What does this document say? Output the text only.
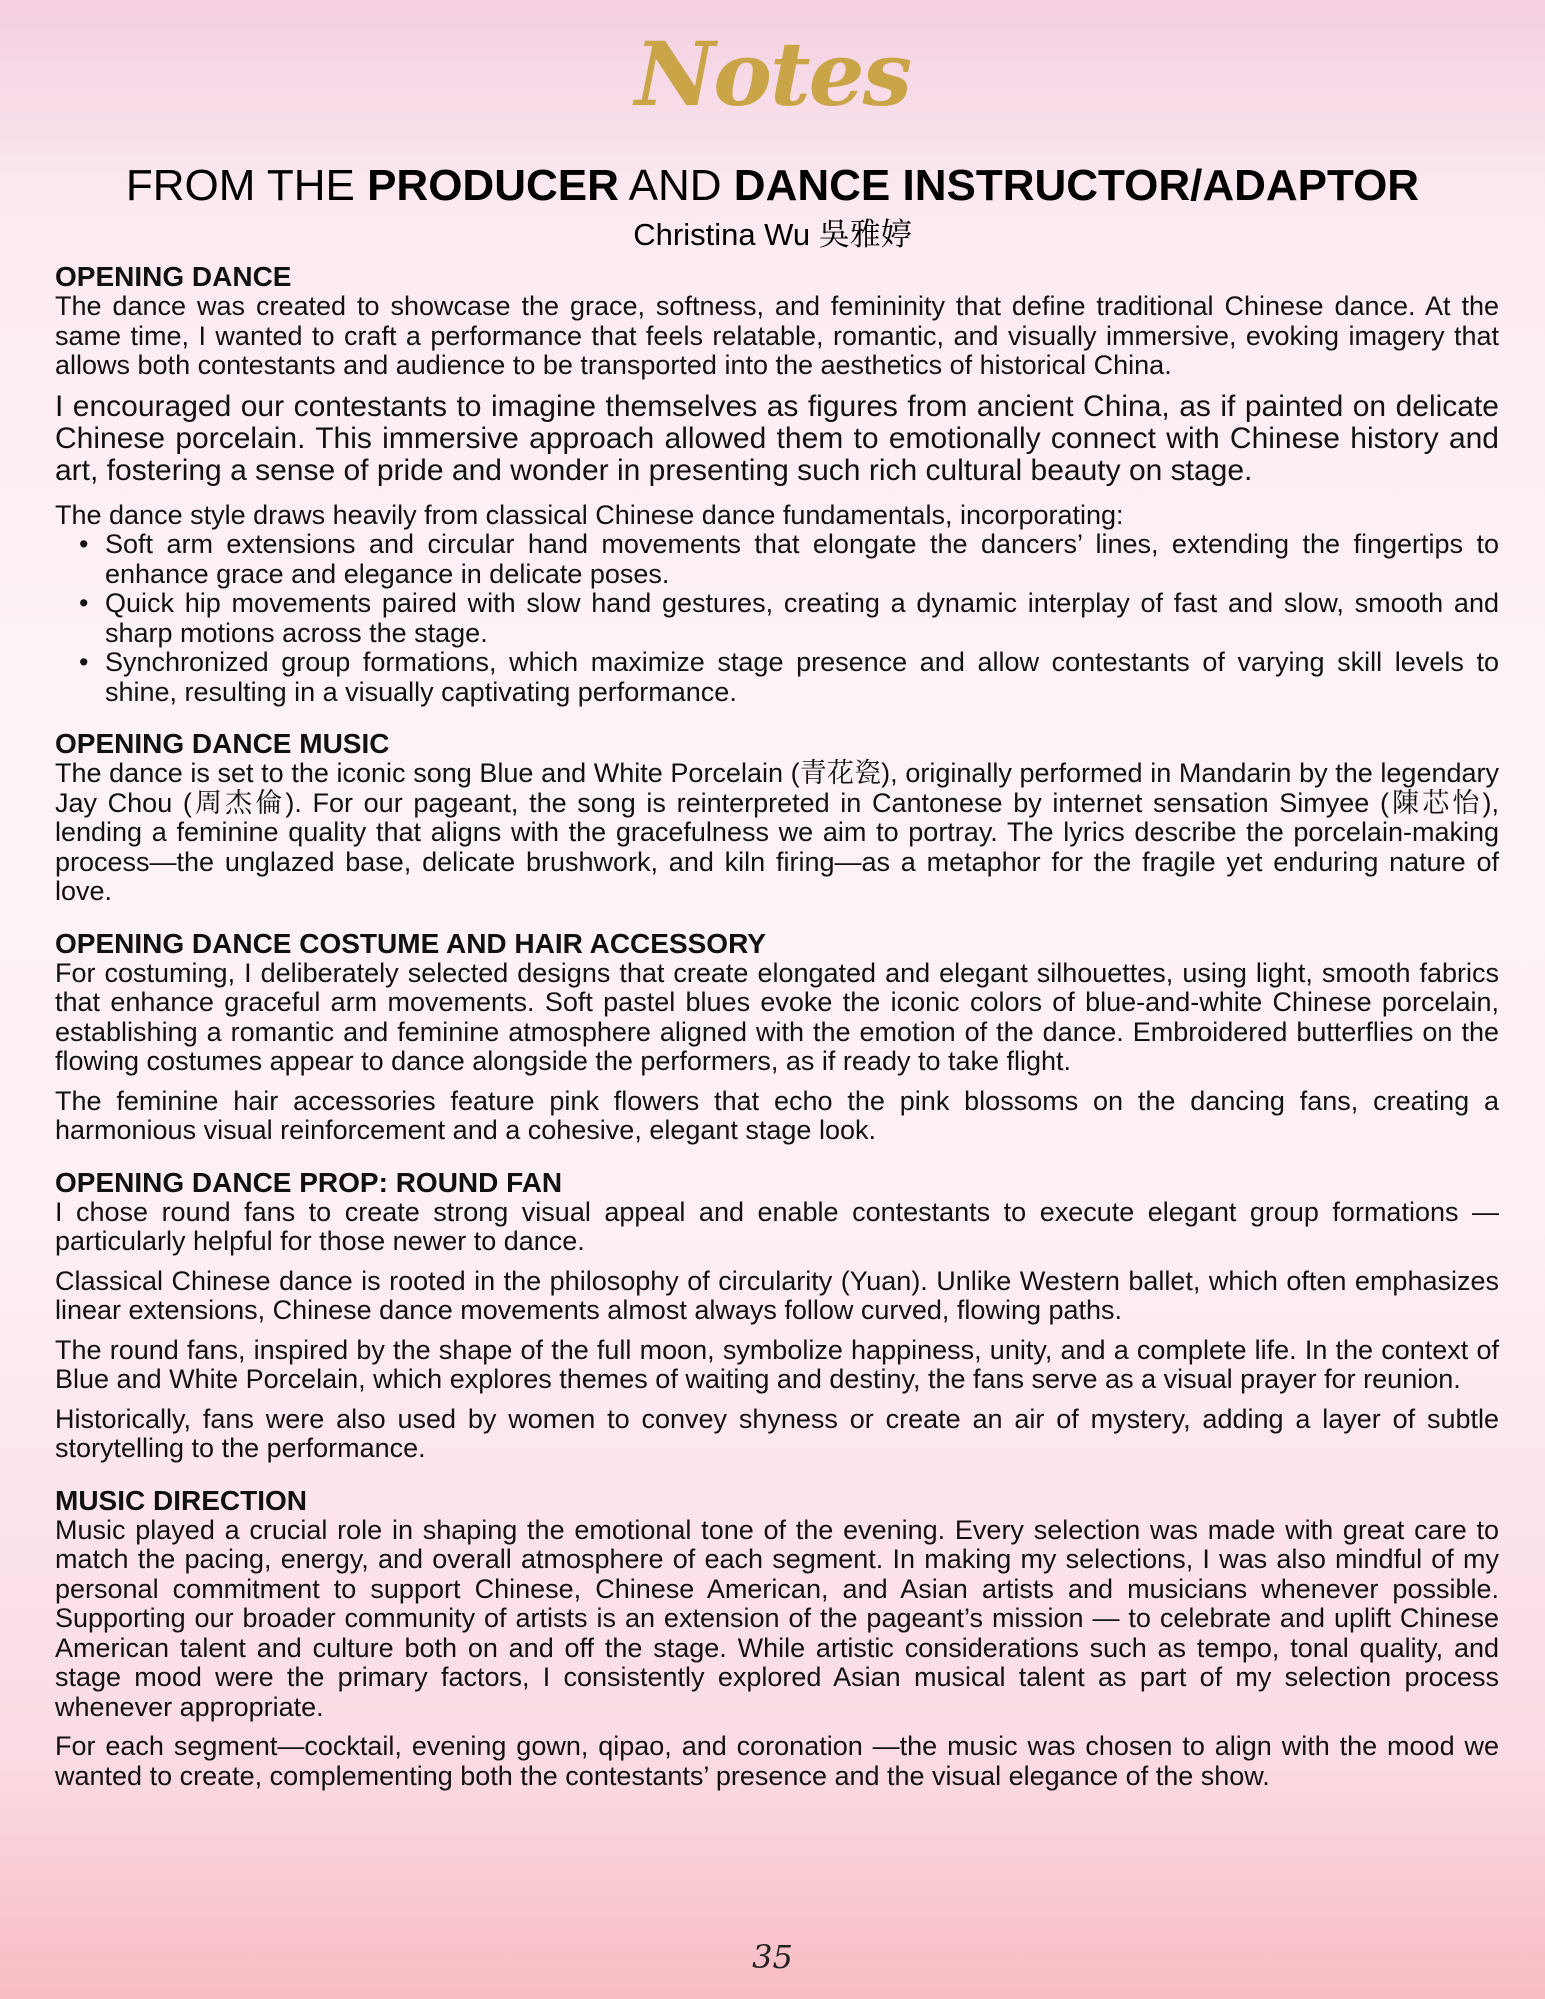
Notes
FROM THE PRODUCER AND DANCE INSTRUCTOR/ADAPTOR
Christina Wu 吳雅婷
OPENING DANCE

The dance was created to showcase the grace, softness, and femininity that define traditional Chinese dance. At the same time, I wanted to craft a performance that feels relatable, romantic, and visually immersive, evoking imagery that allows both contestants and audience to be transported into the aesthetics of historical China.

I encouraged our contestants to imagine themselves as figures from ancient China, as if painted on delicate Chinese porcelain. This immersive approach allowed them to emotionally connect with Chinese history and art, fostering a sense of pride and wonder in presenting such rich cultural beauty on stage.

The dance style draws heavily from classical Chinese dance fundamentals, incorporating:

• Soft arm extensions and circular hand movements that elongate the dancers’ lines, extending the fingertips to enhance grace and elegance in delicate poses.
• Quick hip movements paired with slow hand gestures, creating a dynamic interplay of fast and slow, smooth and sharp motions across the stage.
• Synchronized group formations, which maximize stage presence and allow contestants of varying skill levels to shine, resulting in a visually captivating performance.
OPENING DANCE MUSIC

The dance is set to the iconic song Blue and White Porcelain (青花瓷), originally performed in Mandarin by the legendary Jay Chou (周杰倫). For our pageant, the song is reinterpreted in Cantonese by internet sensation Simyee (陳芯怡), lending a feminine quality that aligns with the gracefulness we aim to portray. The lyrics describe the porcelain-making process—the unglazed base, delicate brushwork, and kiln firing—as a metaphor for the fragile yet enduring nature of love.

OPENING DANCE COSTUME AND HAIR ACCESSORY

For costuming, I deliberately selected designs that create elongated and elegant silhouettes, using light, smooth fabrics that enhance graceful arm movements. Soft pastel blues evoke the iconic colors of blue-and-white Chinese porcelain, establishing a romantic and feminine atmosphere aligned with the emotion of the dance. Embroidered butterflies on the flowing costumes appear to dance alongside the performers, as if ready to take flight.

The feminine hair accessories feature pink flowers that echo the pink blossoms on the dancing fans, creating a harmonious visual reinforcement and a cohesive, elegant stage look.

OPENING DANCE PROP: ROUND FAN

I chose round fans to create strong visual appeal and enable contestants to execute elegant group formations —particularly helpful for those newer to dance.

Classical Chinese dance is rooted in the philosophy of circularity (Yuan). Unlike Western ballet, which often emphasizes linear extensions, Chinese dance movements almost always follow curved, flowing paths.

The round fans, inspired by the shape of the full moon, symbolize happiness, unity, and a complete life. In the context of Blue and White Porcelain, which explores themes of waiting and destiny, the fans serve as a visual prayer for reunion.

Historically, fans were also used by women to convey shyness or create an air of mystery, adding a layer of subtle storytelling to the performance.

MUSIC DIRECTION

Music played a crucial role in shaping the emotional tone of the evening. Every selection was made with great care to match the pacing, energy, and overall atmosphere of each segment. In making my selections, I was also mindful of my personal commitment to support Chinese, Chinese American, and Asian artists and musicians whenever possible. Supporting our broader community of artists is an extension of the pageant’s mission — to celebrate and uplift Chinese American talent and culture both on and off the stage. While artistic considerations such as tempo, tonal quality, and stage mood were the primary factors, I consistently explored Asian musical talent as part of my selection process whenever appropriate.

For each segment—cocktail, evening gown, qipao, and coronation —the music was chosen to align with the mood we wanted to create, complementing both the contestants’ presence and the visual elegance of the show.

35
